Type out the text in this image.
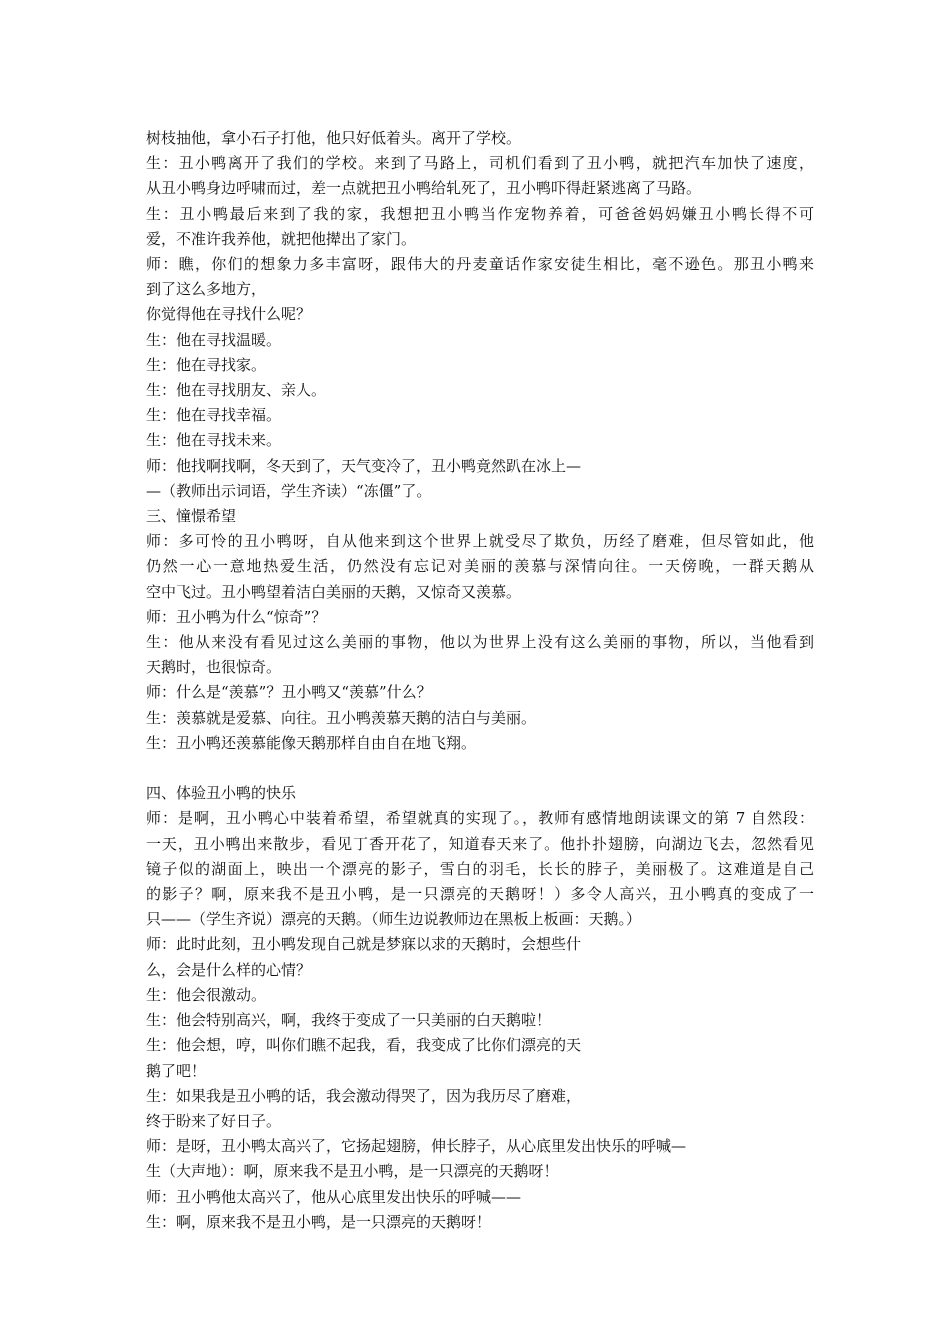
树枝抽他，拿小石子打他，他只好低着头。离开了学校。

生：丑小鸭离开了我们的学校。来到了马路上，司机们看到了丑小鸭，就把汽车加快了速度，

从丑小鸭身边呼啸而过，差一点就把丑小鸭给轧死了，丑小鸭吓得赶紧逃离了马路。

生：丑小鸭最后来到了我的家，我想把丑小鸭当作宠物养着，可爸爸妈妈嫌丑小鸭长得不可

爱，不准许我养他，就把他撵出了家门。

师：瞧，你们的想象力多丰富呀，跟伟大的丹麦童话作家安徒生相比，毫不逊色。那丑小鸭来

到了这么多地方，

你觉得他在寻找什么呢？

生：他在寻找温暖。

生：他在寻找家。

生：他在寻找朋友、亲人。

生：他在寻找幸福。

生：他在寻找未来。

师：他找啊找啊，冬天到了，天气变冷了，丑小鸭竟然趴在冰上—

—（教师出示词语，学生齐读）“冻僵”了。

三、憧憬希望

师：多可怜的丑小鸭呀，自从他来到这个世界上就受尽了欺负，历经了磨难，但尽管如此，他

仍然一心一意地热爱生活，仍然没有忘记对美丽的羡慕与深情向往。一天傍晚，一群天鹅从

空中飞过。丑小鸭望着洁白美丽的天鹅，又惊奇又羡慕。

师：丑小鸭为什么“惊奇”？

生：他从来没有看见过这么美丽的事物，他以为世界上没有这么美丽的事物，所以，当他看到

天鹅时，也很惊奇。

师：什么是“羡慕”？丑小鸭又“羡慕”什么？

生：羡慕就是爱慕、向往。丑小鸭羡慕天鹅的洁白与美丽。

生：丑小鸭还羡慕能像天鹅那样自由自在地飞翔。

四、体验丑小鸭的快乐

师：是啊，丑小鸭心中装着希望，希望就真的实现了。，教师有感情地朗读课文的第 7 自然段：

一天，丑小鸭出来散步，看见丁香开花了，知道春天来了。他扑扑翅膀，向湖边飞去，忽然看见

镜子似的湖面上，映出一个漂亮的影子，雪白的羽毛，长长的脖子，美丽极了。这难道是自己

的影子？啊，原来我不是丑小鸭，是一只漂亮的天鹅呀！）多令人高兴，丑小鸭真的变成了一

只——（学生齐说）漂亮的天鹅。（师生边说教师边在黑板上板画：天鹅。）

师：此时此刻，丑小鸭发现自己就是梦寐以求的天鹅时，会想些什

么，会是什么样的心情？

生：他会很激动。

生：他会特别高兴，啊，我终于变成了一只美丽的白天鹅啦！

生：他会想，哼，叫你们瞧不起我，看，我变成了比你们漂亮的天

鹅了吧！

生：如果我是丑小鸭的话，我会激动得哭了，因为我历尽了磨难，

终于盼来了好日子。

师：是呀，丑小鸭太高兴了，它扬起翅膀，伸长脖子，从心底里发出快乐的呼喊—

生（大声地）：啊，原来我不是丑小鸭，是一只漂亮的天鹅呀！

师：丑小鸭他太高兴了，他从心底里发出快乐的呼喊——

生：啊，原来我不是丑小鸭，是一只漂亮的天鹅呀！
